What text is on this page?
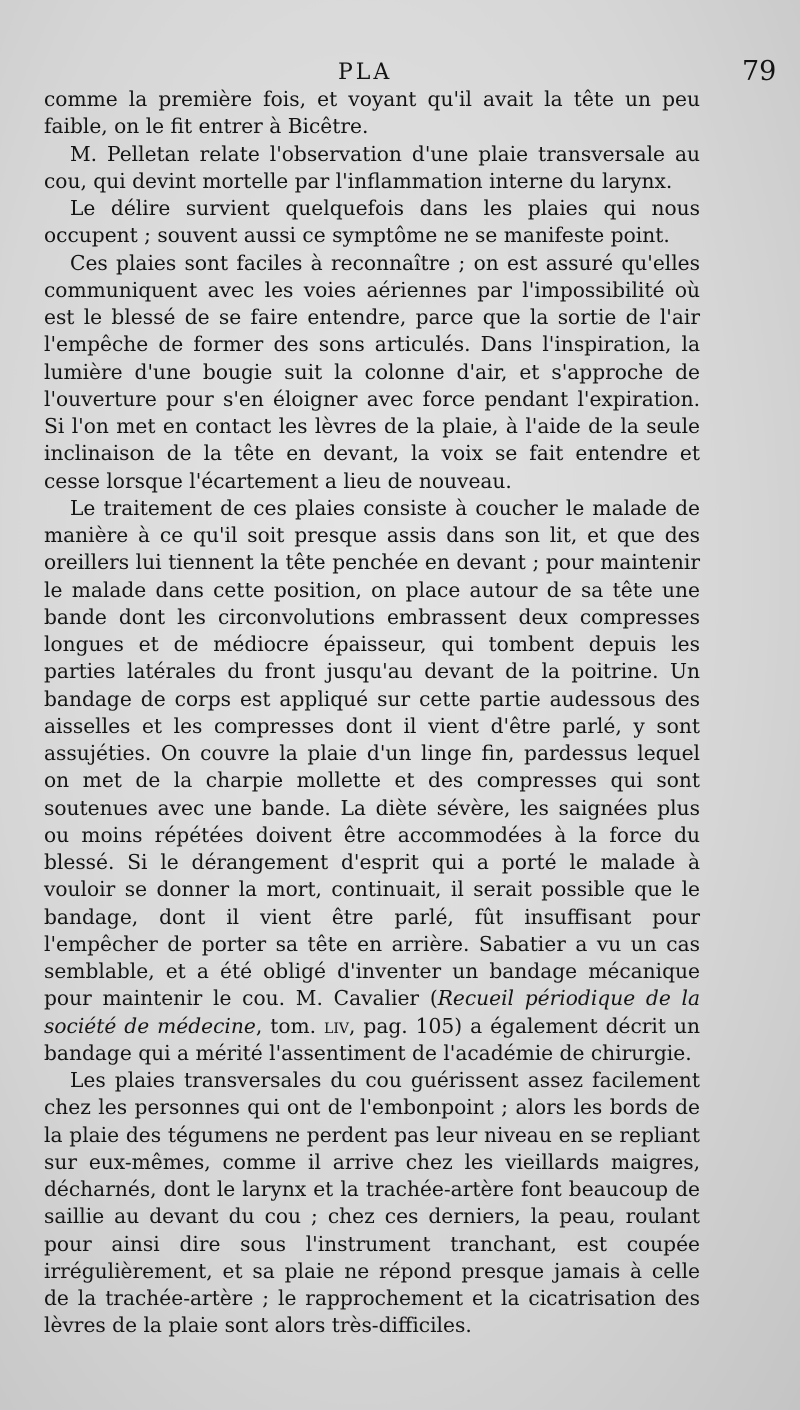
PLA	79

comme la première fois, et voyant qu'il avait la tête un peu faible, on le fit entrer à Bicêtre.

M. Pelletan relate l'observation d'une plaie transversale au cou, qui devint mortelle par l'inflammation interne du larynx.

Le délire survient quelquefois dans les plaies qui nous occupent ; souvent aussi ce symptôme ne se manifeste point.

Ces plaies sont faciles à reconnaître ; on est assuré qu'elles communiquent avec les voies aériennes par l'impossibilité où est le blessé de se faire entendre, parce que la sortie de l'air l'empêche de former des sons articulés. Dans l'inspiration, la lumière d'une bougie suit la colonne d'air, et s'approche de l'ouverture pour s'en éloigner avec force pendant l'expiration. Si l'on met en contact les lèvres de la plaie, à l'aide de la seule inclinaison de la tête en devant, la voix se fait entendre et cesse lorsque l'écartement a lieu de nouveau.

Le traitement de ces plaies consiste à coucher le malade de manière à ce qu'il soit presque assis dans son lit, et que des oreillers lui tiennent la tête penchée en devant ; pour maintenir le malade dans cette position, on place autour de sa tête une bande dont les circonvolutions embrassent deux compresses longues et de médiocre épaisseur, qui tombent depuis les parties latérales du front jusqu'au devant de la poitrine. Un bandage de corps est appliqué sur cette partie audessous des aisselles et les compresses dont il vient d'être parlé, y sont assujéties. On couvre la plaie d'un linge fin, pardessus lequel on met de la charpie mollette et des compresses qui sont soutenues avec une bande. La diète sévère, les saignées plus ou moins répétées doivent être accommodées à la force du blessé. Si le dérangement d'esprit qui a porté le malade à vouloir se donner la mort, continuait, il serait possible que le bandage, dont il vient être parlé, fût insuffisant pour l'empêcher de porter sa tête en arrière. Sabatier a vu un cas semblable, et a été obligé d'inventer un bandage mécanique pour maintenir le cou. M. Cavalier (Recueil périodique de la société de médecine, tom. liv, pag. 105) a également décrit un bandage qui a mérité l'assentiment de l'académie de chirurgie.

Les plaies transversales du cou guérissent assez facilement chez les personnes qui ont de l'embonpoint ; alors les bords de la plaie des tégumens ne perdent pas leur niveau en se repliant sur eux-mêmes, comme il arrive chez les vieillards maigres, décharnés, dont le larynx et la trachée-artère font beaucoup de saillie au devant du cou ; chez ces derniers, la peau, roulant pour ainsi dire sous l'instrument tranchant, est coupée irrégulièrement, et sa plaie ne répond presque jamais à celle de la trachée-artère ; le rapprochement et la cicatrisation des lèvres de la plaie sont alors très-difficiles.
